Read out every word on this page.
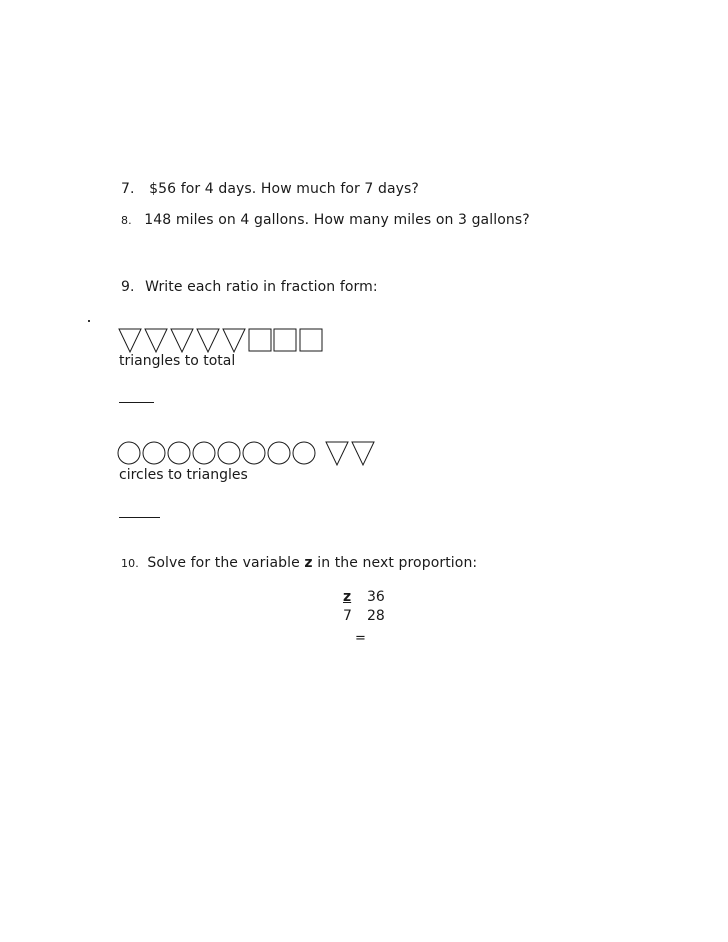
7. $56 for 4 days. How much for 7 days?
8. 148 miles on 4 gallons. How many miles on 3 gallons?
9. Write each ratio in fraction form:
triangles to total
circles to triangles
10. Solve for the variable z in the next proportion:
z
7
36
28
=
